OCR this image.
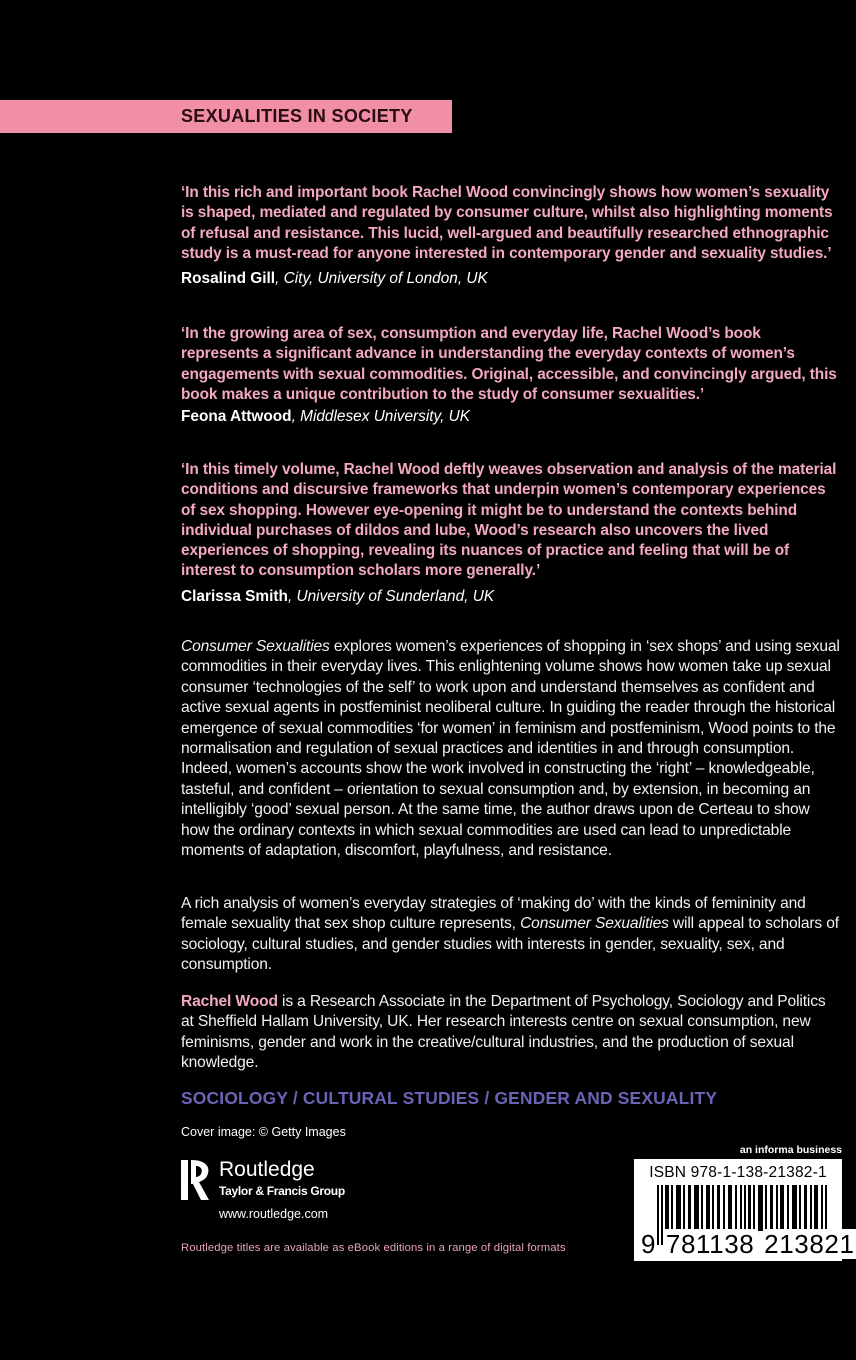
SEXUALITIES IN SOCIETY

‘In this rich and important book Rachel Wood convincingly shows how women’s sexuality is shaped, mediated and regulated by consumer culture, whilst also highlighting moments of refusal and resistance. This lucid, well-argued and beautifully researched ethnographic study is a must-read for anyone interested in contemporary gender and sexuality studies.’

Rosalind Gill, City, University of London, UK

‘In the growing area of sex, consumption and everyday life, Rachel Wood’s book represents a significant advance in understanding the everyday contexts of women’s engagements with sexual commodities. Original, accessible, and convincingly argued, this book makes a unique contribution to the study of consumer sexualities.’

Feona Attwood, Middlesex University, UK

‘In this timely volume, Rachel Wood deftly weaves observation and analysis of the material conditions and discursive frameworks that underpin women’s contemporary experiences of sex shopping. However eye-opening it might be to understand the contexts behind individual purchases of dildos and lube, Wood’s research also uncovers the lived experiences of shopping, revealing its nuances of practice and feeling that will be of interest to consumption scholars more generally.’

Clarissa Smith, University of Sunderland, UK

Consumer Sexualities explores women’s experiences of shopping in ‘sex shops’ and using sexual commodities in their everyday lives. This enlightening volume shows how women take up sexual consumer ‘technologies of the self’ to work upon and understand themselves as confident and active sexual agents in postfeminist neoliberal culture. In guiding the reader through the historical emergence of sexual commodities ‘for women’ in feminism and postfeminism, Wood points to the normalisation and regulation of sexual practices and identities in and through consumption. Indeed, women’s accounts show the work involved in constructing the ‘right’ – knowledgeable, tasteful, and confident – orientation to sexual consumption and, by extension, in becoming an intelligibly ‘good’ sexual person. At the same time, the author draws upon de Certeau to show how the ordinary contexts in which sexual commodities are used can lead to unpredictable moments of adaptation, discomfort, playfulness, and resistance.

A rich analysis of women’s everyday strategies of ‘making do’ with the kinds of femininity and female sexuality that sex shop culture represents, Consumer Sexualities will appeal to scholars of sociology, cultural studies, and gender studies with interests in gender, sexuality, sex, and consumption.

Rachel Wood is a Research Associate in the Department of Psychology, Sociology and Politics at Sheffield Hallam University, UK. Her research interests centre on sexual consumption, new feminisms, gender and work in the creative/cultural industries, and the production of sexual knowledge.

SOCIOLOGY / CULTURAL STUDIES / GENDER AND SEXUALITY
Cover image: © Getty Images
Routledge
Taylor & Francis Group
www.routledge.com
Routledge titles are available as eBook editions in a range of digital formats
an informa business
ISBN 978-1-138-21382-1
9 781138 213821
